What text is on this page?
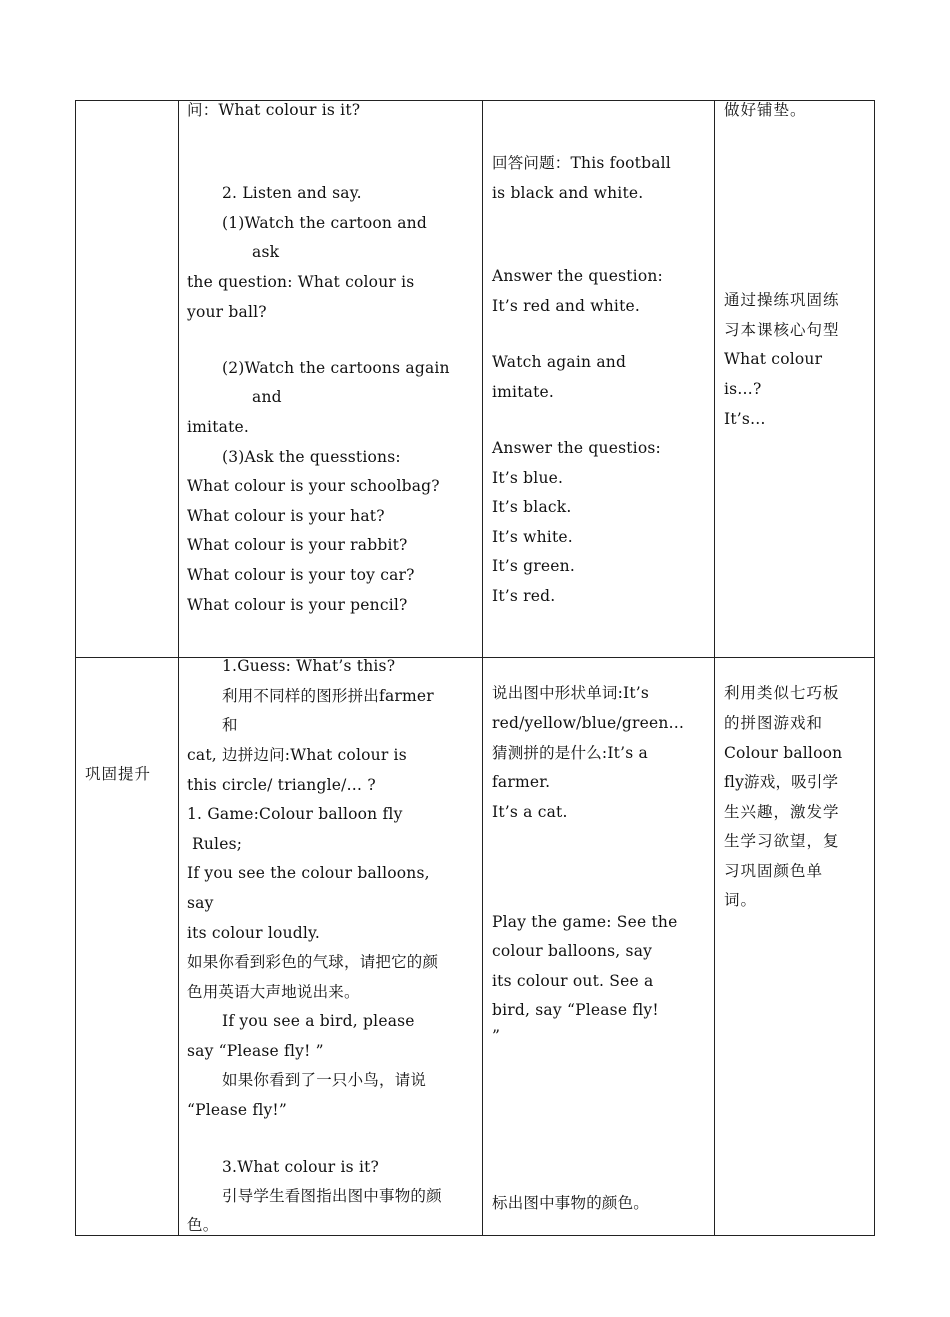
问：What colour is it?
2. Listen and say.
(1)Watch the cartoon and
ask
the question: What colour is
your ball?
(2)Watch the cartoons again
and
imitate.
(3)Ask the quesstions:
What colour is your schoolbag?
What colour is your hat?
What colour is your rabbit?
What colour is your toy car?
What colour is your pencil?
回答问题：This football
is black and white.
Answer the question:
It’s red and white.
Watch again and
imitate.
Answer the questios:
It’s blue.
It’s black.
It’s white.
It’s green.
It’s red.
做好铺垫。
通过操练巩固练
习本课核心句型
What colour
is…?
It’s…
巩固提升
1.Guess: What’s this?
利用不同样的图形拼出farmer
和
cat, 边拼边问:What colour is
this circle/ triangle/… ?
1. Game:Colour balloon fly
Rules;
If you see the colour balloons,
say
its colour loudly.
如果你看到彩色的气球，请把它的颜
色用英语大声地说出来。
If you see a bird, please
say “Please fly! ”
如果你看到了一只小鸟，请说
“Please fly!”
3.What colour is it?
引导学生看图指出图中事物的颜
色。
说出图中形状单词:It’s
red/yellow/blue/green…
猜测拼的是什么:It’s a
farmer.
It’s a cat.
Play the game: See the
colour balloons, say
its colour out. See a
bird, say “Please fly!
”
标出图中事物的颜色。
利用类似七巧板
的拼图游戏和
Colour balloon
fly游戏，吸引学
生兴趣，激发学
生学习欲望，复
习巩固颜色单
词。
